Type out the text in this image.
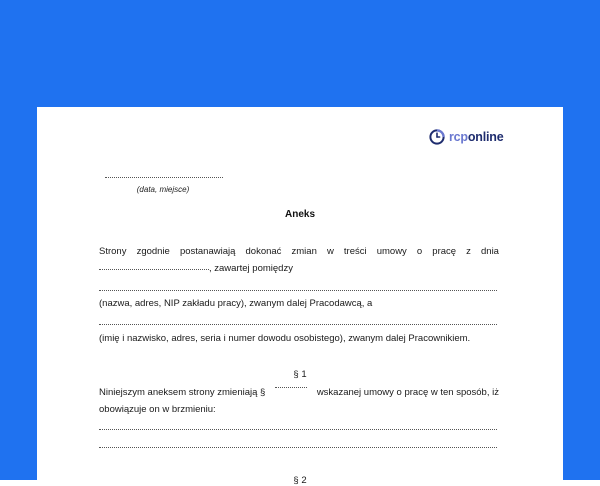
rcponline
(data, miejsce)
Aneks
Strony zgodnie postanawiają dokonać zmian w treści umowy o pracę z dnia
, zawartej pomiędzy
(nazwa, adres, NIP zakładu pracy), zwanym dalej Pracodawcą, a
(imię i nazwisko, adres, seria i numer dowodu osobistego), zwanym dalej Pracownikiem.
§ 1
Niniejszym aneksem strony zmieniają §	wskazanej umowy o pracę w ten sposób, iż
obowiązuje on w brzmieniu:
§ 2
